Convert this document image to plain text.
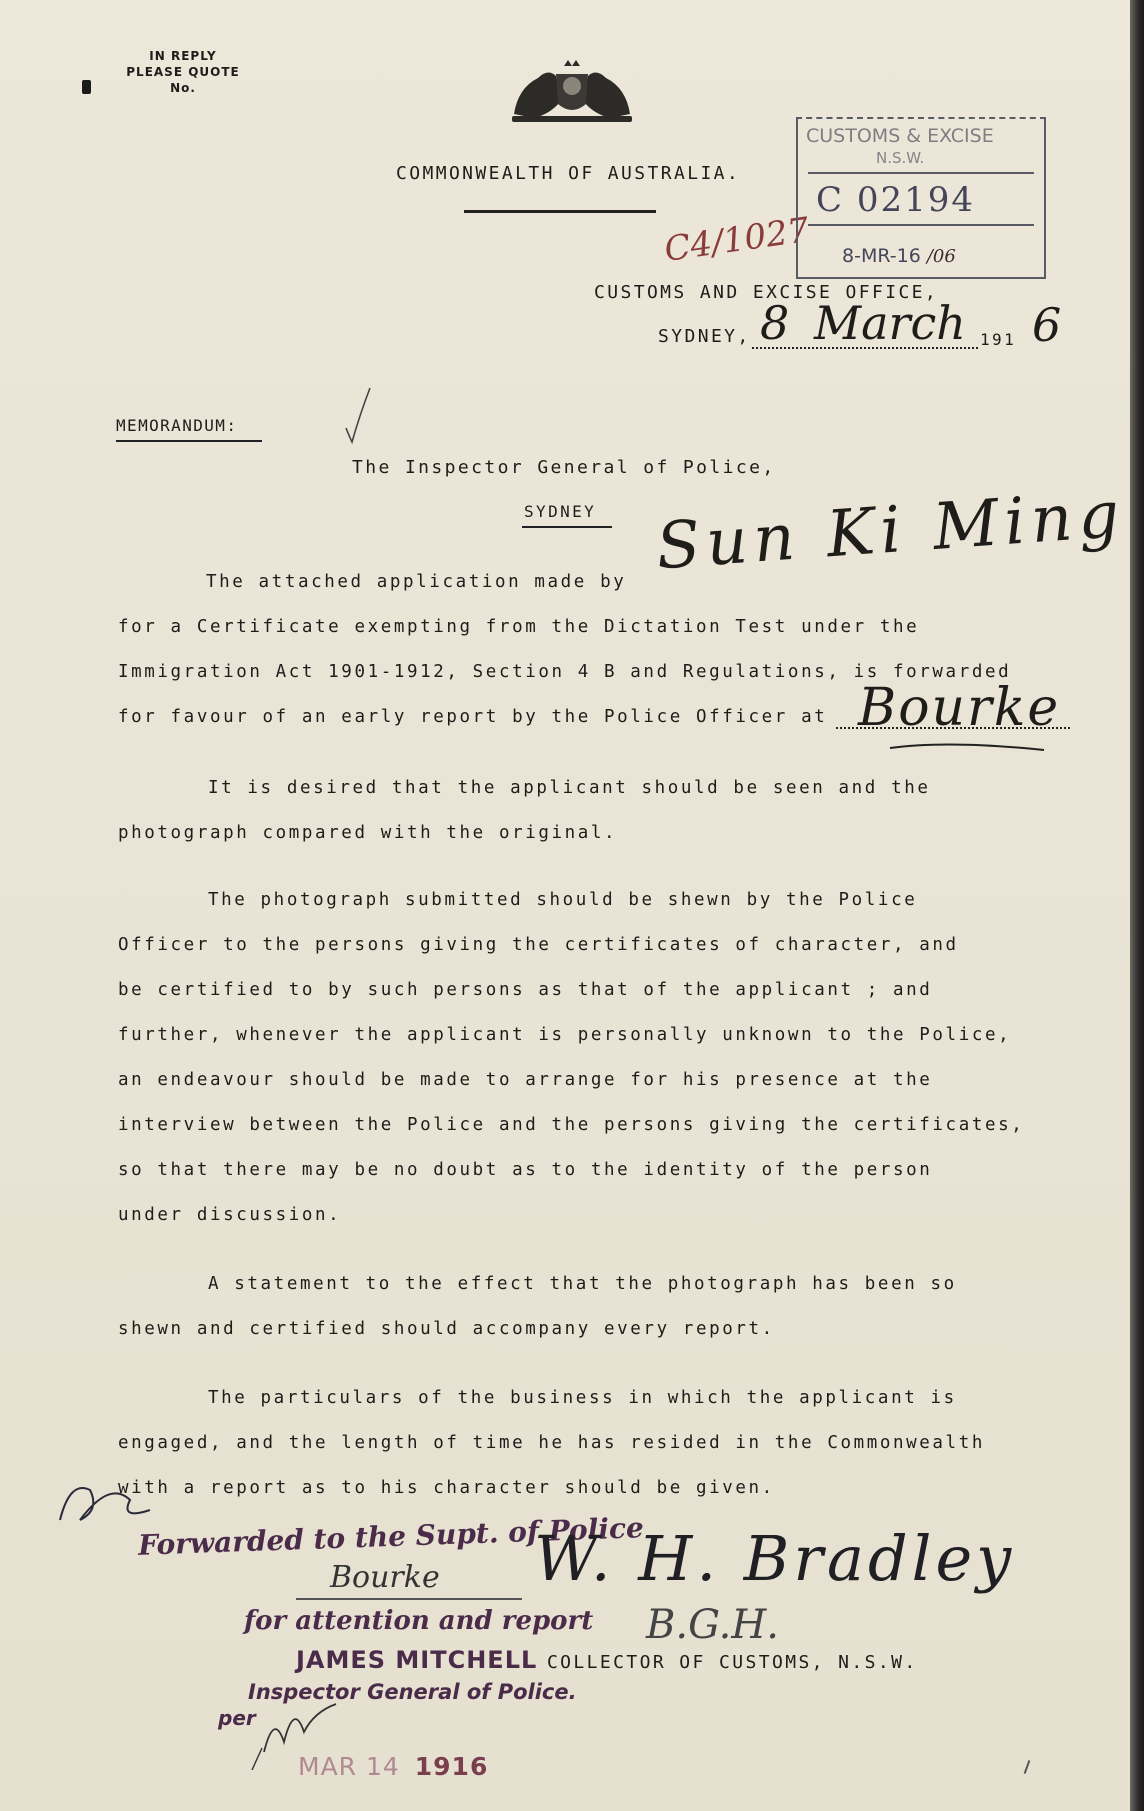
IN REPLY
PLEASE QUOTE
No.
COMMONWEALTH OF AUSTRALIA.
C4/1027
CUSTOMS & EXCISE
N.S.W.
C 02194
8-MR-16 /06
CUSTOMS AND EXCISE OFFICE,
SYDNEY, 8 March 191 6
MEMORANDUM:
The Inspector General of Police,
SYDNEY Sun Ki Ming
The attached application made by
for a Certificate exempting from the Dictation Test under the
Immigration Act 1901-1912, Section 4 B and Regulations, is forwarded
for favour of an early report by the Police Officer at Bourke
It is desired that the applicant should be seen and the
photograph compared with the original.
The photograph submitted should be shewn by the Police
Officer to the persons giving the certificates of character, and
be certified to by such persons as that of the applicant ; and
further, whenever the applicant is personally unknown to the Police,
an endeavour should be made to arrange for his presence at the
interview between the Police and the persons giving the certificates,
so that there may be no doubt as to the identity of the person
under discussion.
A statement to the effect that the photograph has been so
shewn and certified should accompany every report.
The particulars of the business in which the applicant is
engaged, and the length of time he has resided in the Commonwealth
with a report as to his character should be given.
Forwarded to the Supt. of Police
Bourke
for attention and report B.G.H.
W. H. Bradley
JAMES MITCHELL COLLECTOR OF CUSTOMS, N.S.W.
Inspector General of Police.
per
MAR 14 1916
